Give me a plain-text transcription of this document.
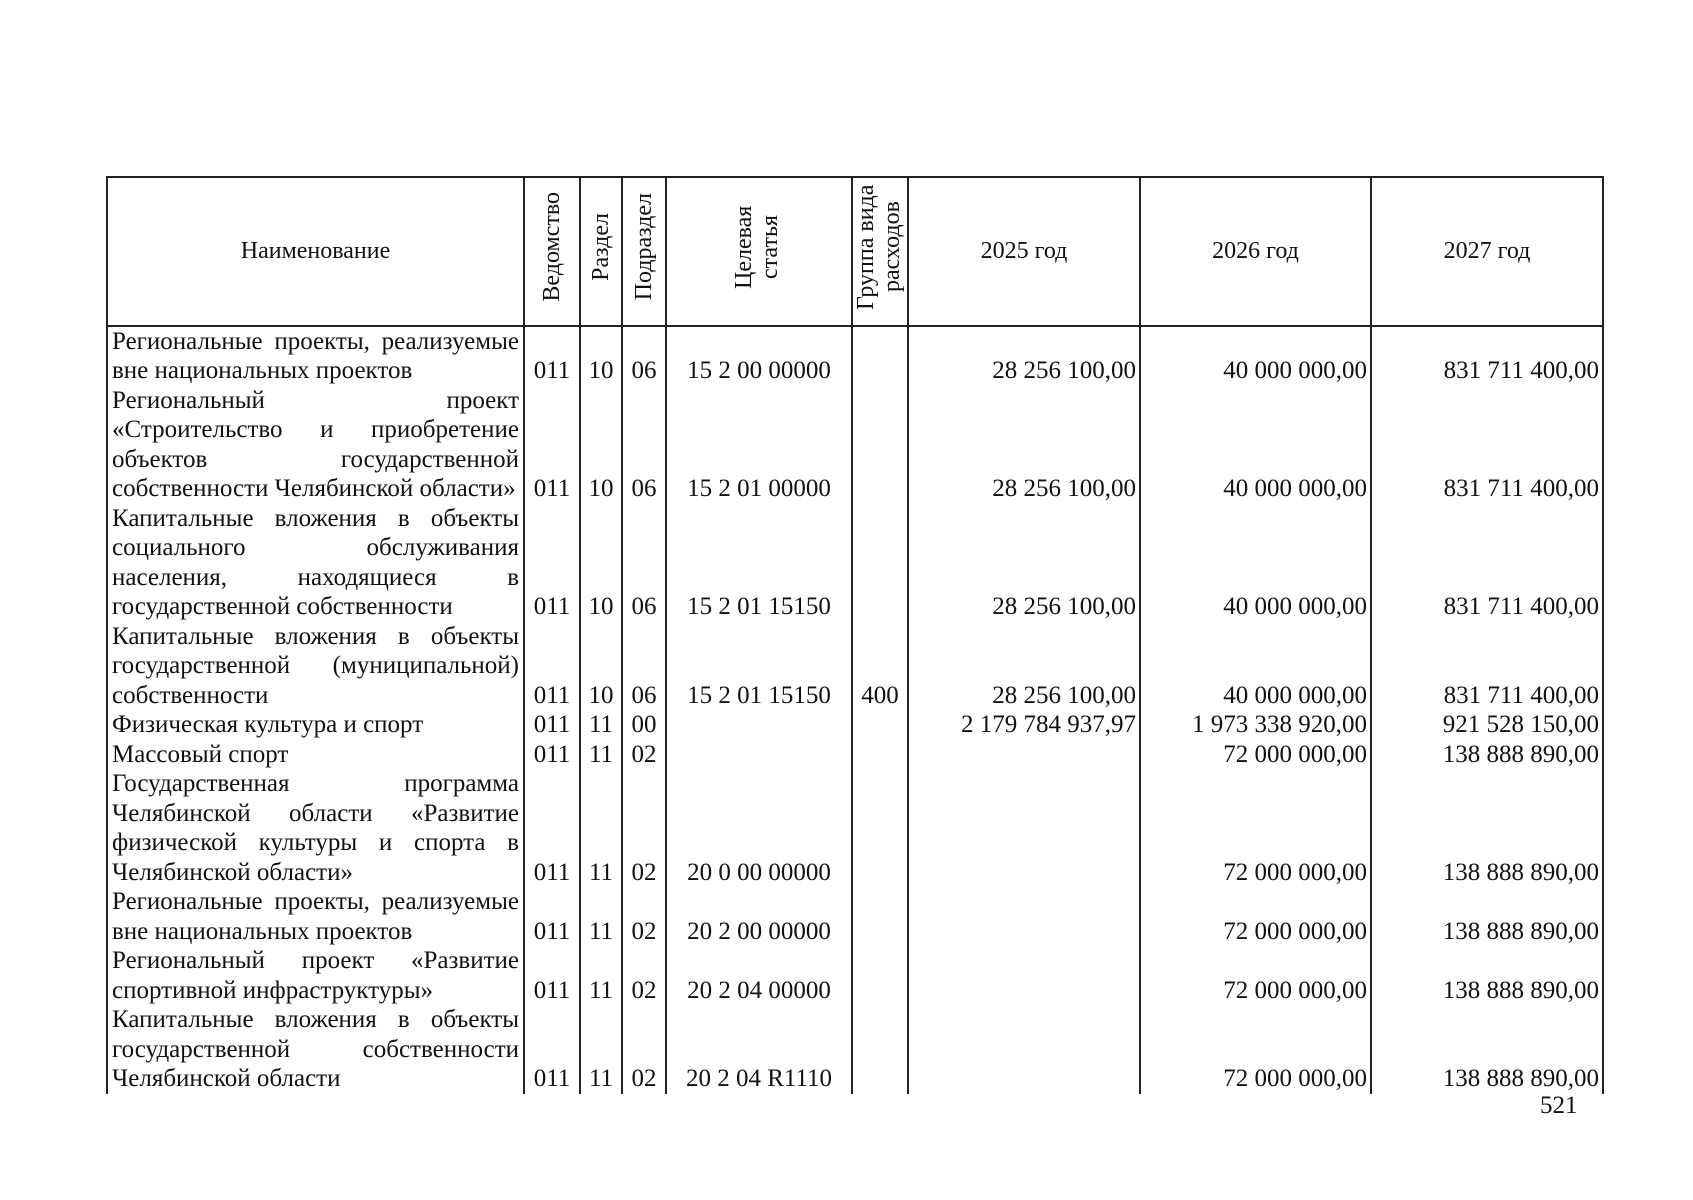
Наименование	Ведомство	Раздел	Подраздел	Целевая статья	Группа вида расходов	2025 год	2026 год	2027 год
Региональные проекты, реализуемые вне национальных проектов	011	10	06	15 2 00 00000		28 256 100,00	40 000 000,00	831 711 400,00
Региональный проект «Строительство и приобретение объектов государственной собственности Челябинской области»	011	10	06	15 2 01 00000		28 256 100,00	40 000 000,00	831 711 400,00
Капитальные вложения в объекты социального обслуживания населения, находящиеся в государственной собственности	011	10	06	15 2 01 15150		28 256 100,00	40 000 000,00	831 711 400,00
Капитальные вложения в объекты государственной (муниципальной) собственности	011	10	06	15 2 01 15150	400	28 256 100,00	40 000 000,00	831 711 400,00
Физическая культура и спорт	011	11	00			2 179 784 937,97	1 973 338 920,00	921 528 150,00
Массовый спорт	011	11	02				72 000 000,00	138 888 890,00
Государственная программа Челябинской области «Развитие физической культуры и спорта в Челябинской области»	011	11	02	20 0 00 00000			72 000 000,00	138 888 890,00
Региональные проекты, реализуемые вне национальных проектов	011	11	02	20 2 00 00000			72 000 000,00	138 888 890,00
Региональный проект «Развитие спортивной инфраструктуры»	011	11	02	20 2 04 00000			72 000 000,00	138 888 890,00
Капитальные вложения в объекты государственной собственности Челябинской области	011	11	02	20 2 04 R1110			72 000 000,00	138 888 890,00
521
